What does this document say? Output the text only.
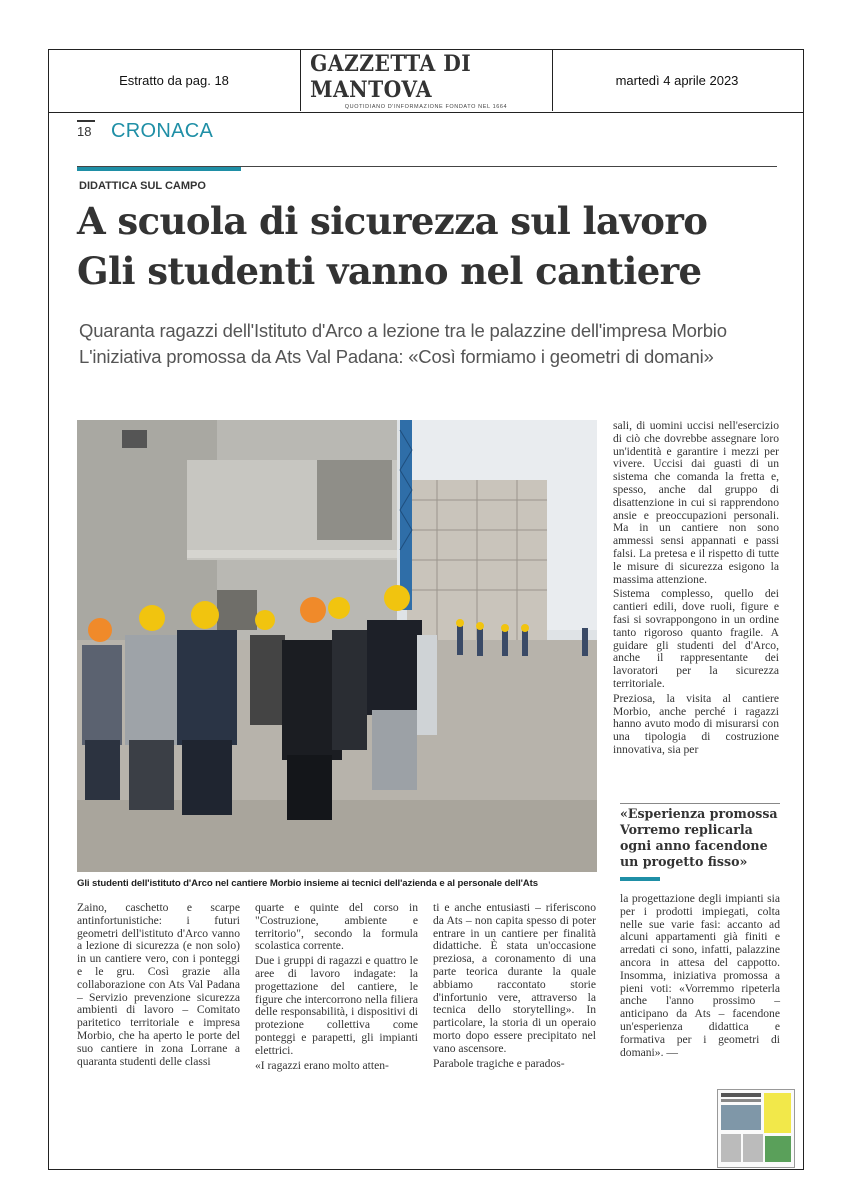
Estratto da pag. 18
GAZZETTA DI MANTOVA
QUOTIDIANO D'INFORMAZIONE FONDATO NEL 1664
martedì 4 aprile 2023
18 CRONACA
DIDATTICA SUL CAMPO
A scuola di sicurezza sul lavoro
Gli studenti vanno nel cantiere
Quaranta ragazzi dell'Istituto d'Arco a lezione tra le palazzine dell'impresa Morbio
L'iniziativa promossa da Ats Val Padana: «Così formiamo i geometri di domani»
Gli studenti dell'istituto d'Arco nel cantiere Morbio insieme ai tecnici dell'azienda e al personale dell'Ats

sali, di uomini uccisi nell'esercizio di ciò che dovrebbe assegnare loro un'identità e garantire i mezzi per vivere. Uccisi dai guasti di un sistema che comanda la fretta e, spesso, anche dal gruppo di disattenzione in cui si rapprendono ansie e preoccupazioni personali. Ma in un cantiere non sono ammessi sensi appannati e passi falsi. La pretesa e il rispetto di tutte le misure di sicurezza esigono la massima attenzione.

Sistema complesso, quello dei cantieri edili, dove ruoli, figure e fasi si sovrappongono in un ordine tanto rigoroso quanto fragile. A guidare gli studenti del d'Arco, anche il rappresentante dei lavoratori per la sicurezza territoriale.

Preziosa, la visita al cantiere Morbio, anche perché i ragazzi hanno avuto modo di misurarsi con una tipologia di costruzione innovativa, sia per

«Esperienza promossa Vorremo replicarla ogni anno facendone un progetto fisso»

la progettazione degli impianti sia per i prodotti impiegati, colta nelle sue varie fasi: accanto ad alcuni appartamenti già finiti e arredati ci sono, infatti, palazzine ancora in attesa del cappotto. Insomma, iniziativa promossa a pieni voti: «Vorremmo ripeterla anche l'anno prossimo – anticipano da Ats – facendone un'esperienza didattica e formativa per i geometri di domani». —

Zaino, caschetto e scarpe antinfortunistiche: i futuri geometri dell'istituto d'Arco vanno a lezione di sicurezza (e non solo) in un cantiere vero, con i ponteggi e le gru. Così grazie alla collaborazione con Ats Val Padana – Servizio prevenzione sicurezza ambienti di lavoro – Comitato paritetico territoriale e impresa Morbio, che ha aperto le porte del suo cantiere in zona Lorrane a quaranta studenti delle classi

quarte e quinte del corso in "Costruzione, ambiente e territorio", secondo la formula scolastica corrente.

Due i gruppi di ragazzi e quattro le aree di lavoro indagate: la progettazione del cantiere, le figure che intercorrono nella filiera delle responsabilità, i dispositivi di protezione collettiva come ponteggi e parapetti, gli impianti elettrici.

«I ragazzi erano molto atten-

ti e anche entusiasti – riferiscono da Ats – non capita spesso di poter entrare in un cantiere per finalità didattiche. È stata un'occasione preziosa, a coronamento di una parte teorica durante la quale abbiamo raccontato storie d'infortunio vere, attraverso la tecnica dello storytelling». In particolare, la storia di un operaio morto dopo essere precipitato nel vano ascensore.

Parabole tragiche e parados-
